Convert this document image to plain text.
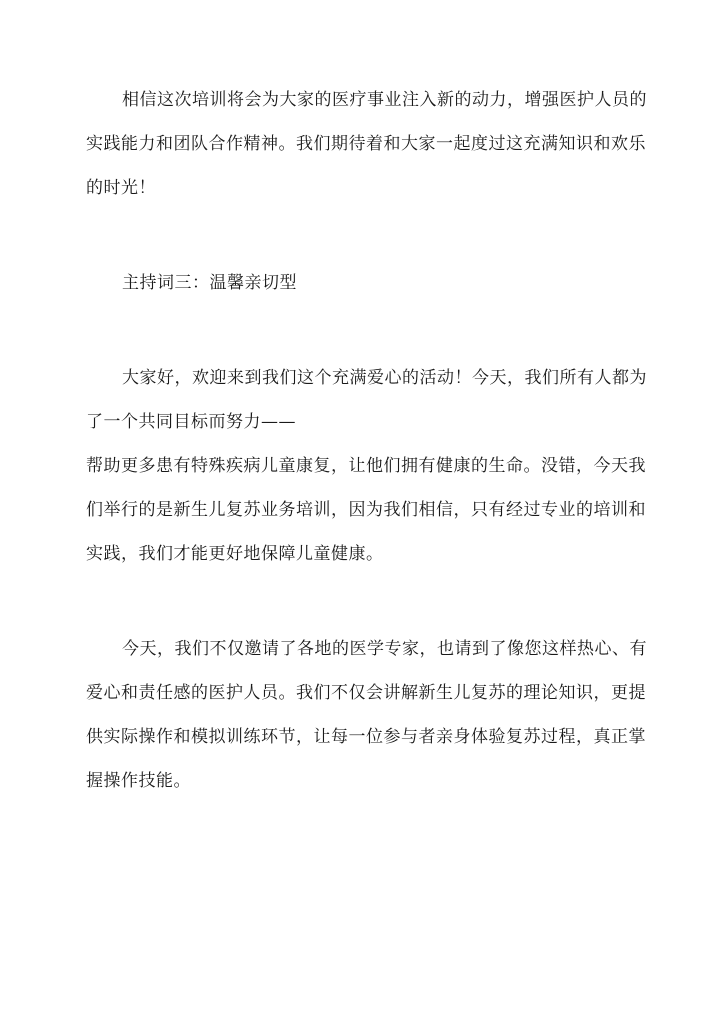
相信这次培训将会为大家的医疗事业注入新的动力，增强医护人员的
实践能力和团队合作精神。我们期待着和大家一起度过这充满知识和欢乐
的时光！
主持词三：温馨亲切型
大家好，欢迎来到我们这个充满爱心的活动！今天，我们所有人都为
了一个共同目标而努力——
帮助更多患有特殊疾病儿童康复，让他们拥有健康的生命。没错，今天我
们举行的是新生儿复苏业务培训，因为我们相信，只有经过专业的培训和
实践，我们才能更好地保障儿童健康。
今天，我们不仅邀请了各地的医学专家，也请到了像您这样热心、有
爱心和责任感的医护人员。我们不仅会讲解新生儿复苏的理论知识，更提
供实际操作和模拟训练环节，让每一位参与者亲身体验复苏过程，真正掌
握操作技能。
